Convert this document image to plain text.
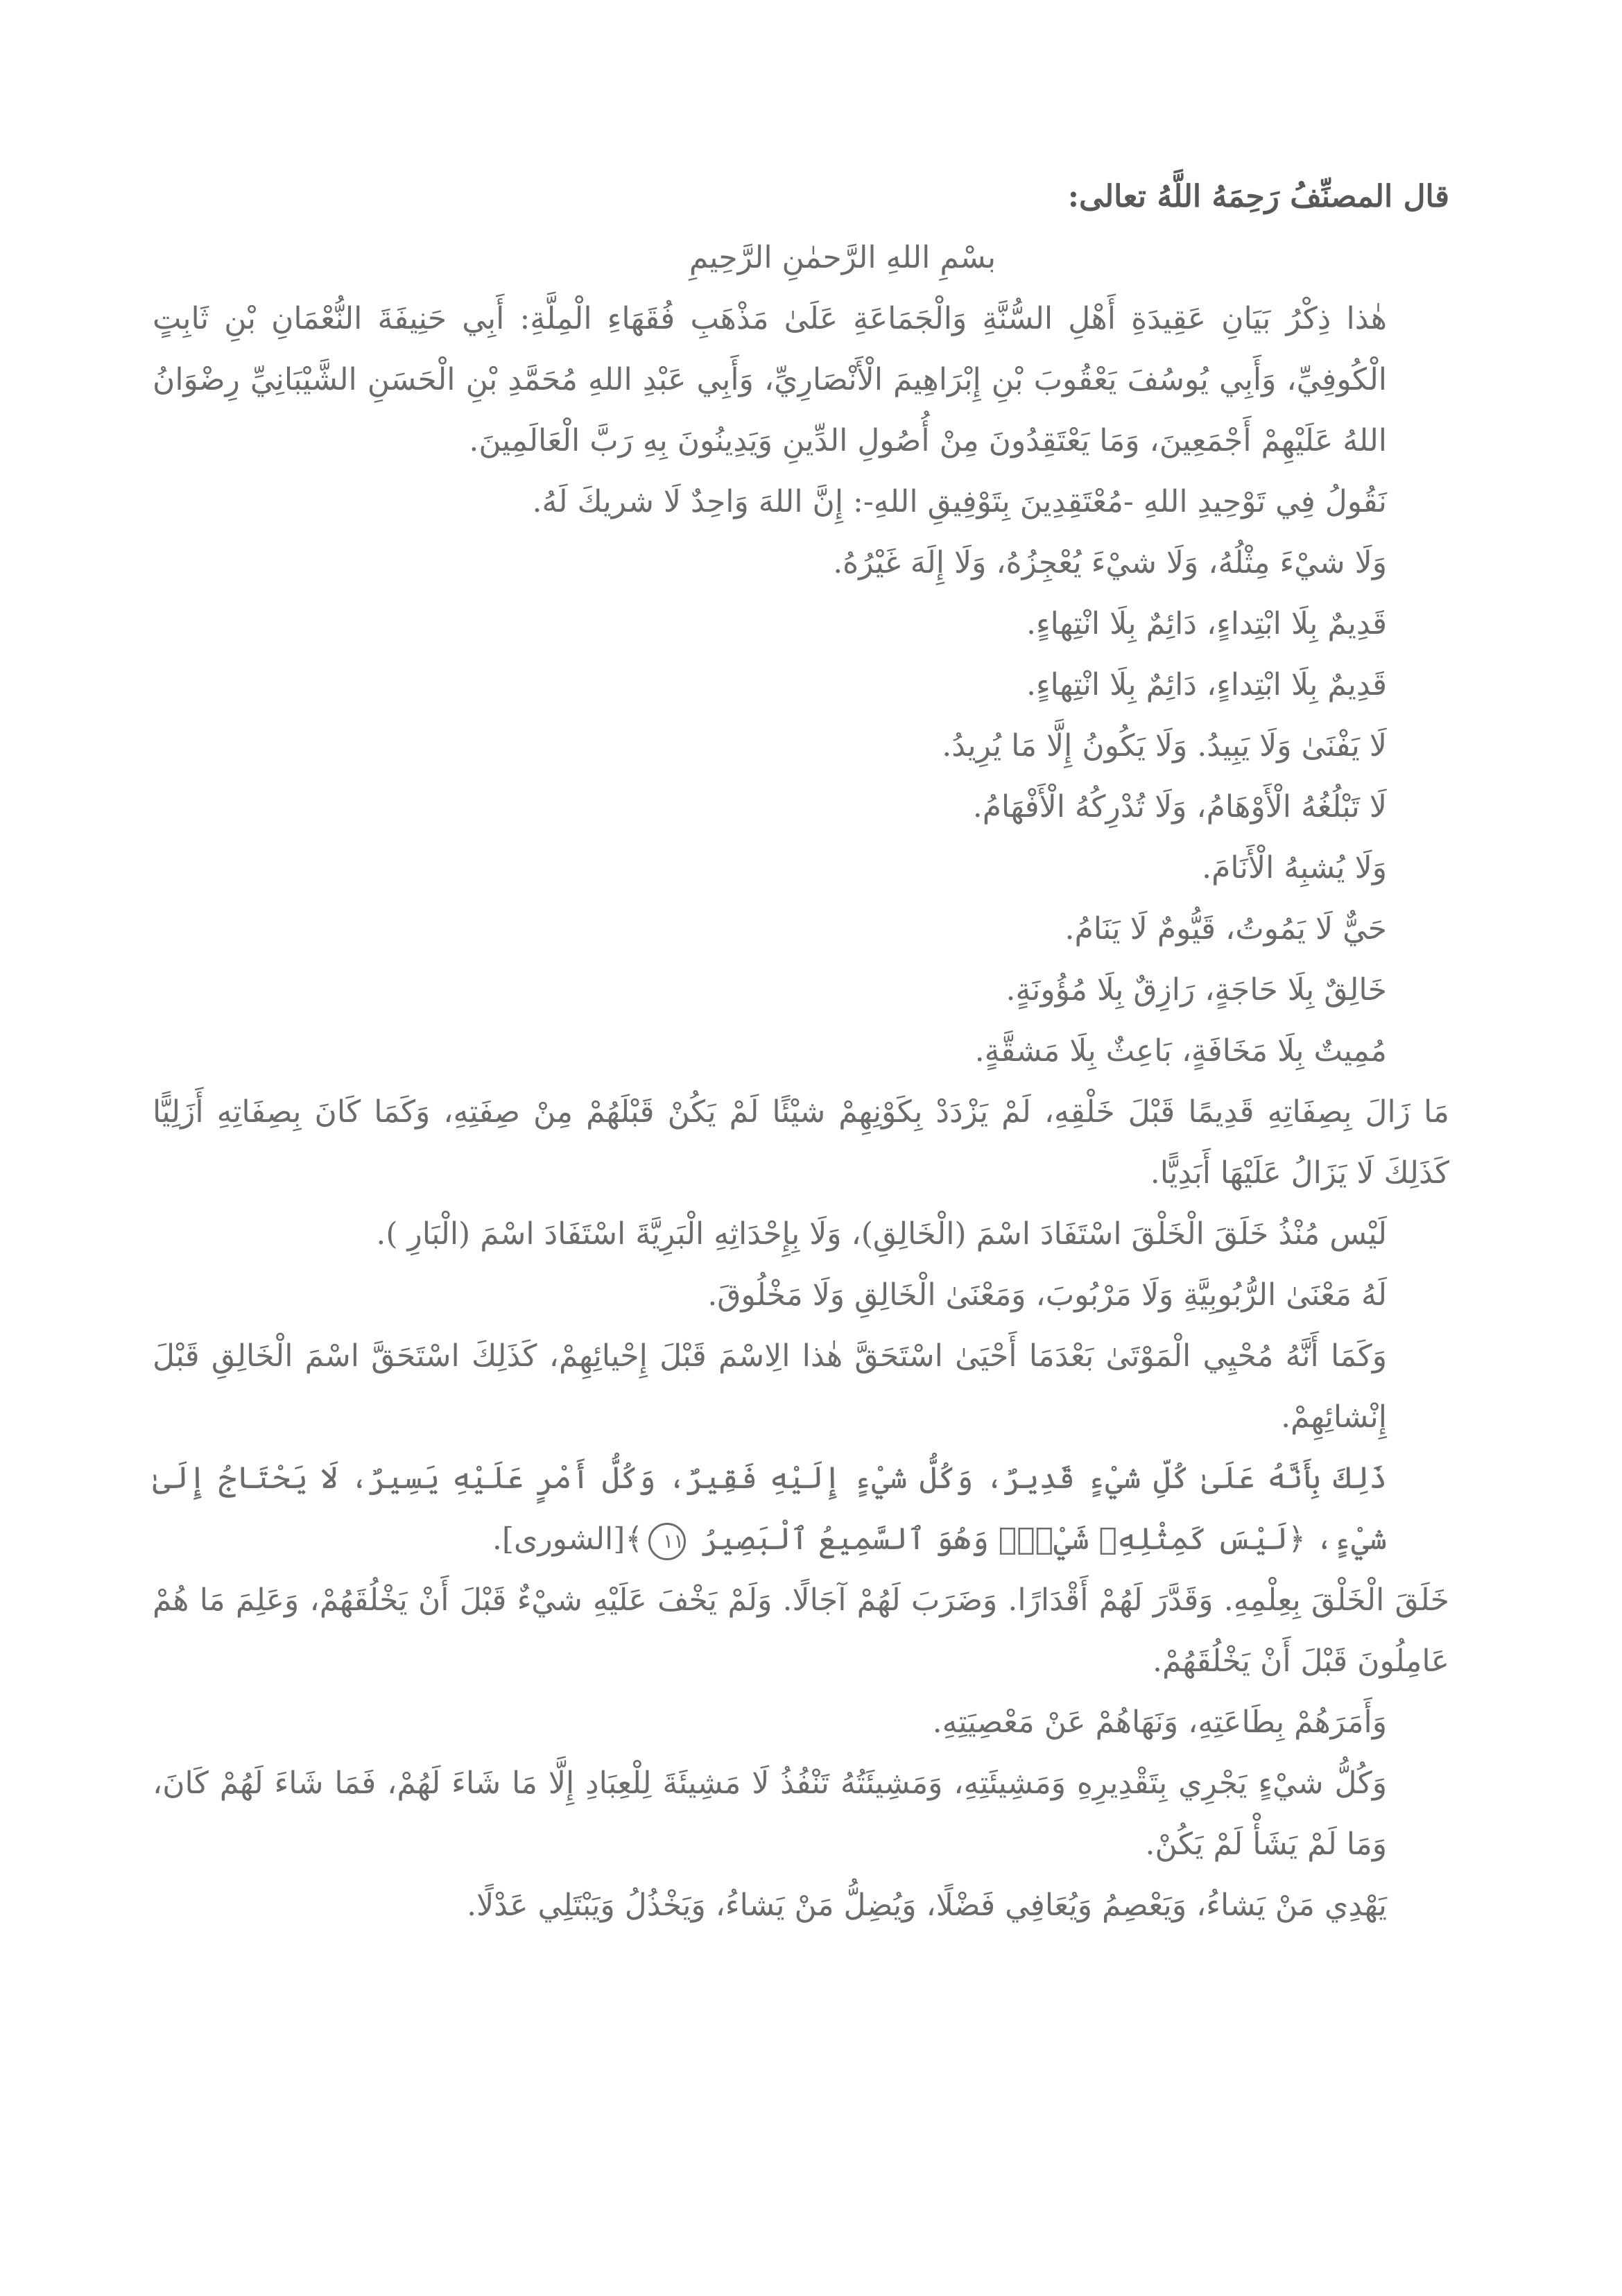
قال المصنِّفُ رَحِمَهُ اللَّهُ تعالى:

بسْمِ اللهِ الرَّحمٰنِ الرَّحِيمِ

هٰذا ذِكْرُ بَيَانِ عَقِيدَةِ أَهْلِ السُّنَّةِ وَالْجَمَاعَةِ عَلَىٰ مَذْهَبِ فُقَهَاءِ الْمِلَّةِ: أَبِي حَنِيفَةَ النُّعْمَانِ بْنِ ثَابِتٍ الْكُوفِيِّ، وَأَبِي يُوسُفَ يَعْقُوبَ بْنِ إِبْرَاهِيمَ الْأَنْصَارِيِّ، وَأَبِي عَبْدِ اللهِ مُحَمَّدِ بْنِ الْحَسَنِ الشَّيْبَانِيِّ رِضْوَانُ اللهُ عَلَيْهِمْ أَجْمَعِينَ، وَمَا يَعْتَقِدُونَ مِنْ أُصُولِ الدِّينِ وَيَدِينُونَ بِهِ رَبَّ الْعَالَمِينَ.

نَقُولُ فِي تَوْحِيدِ اللهِ -مُعْتَقِدِينَ بِتَوْفِيقِ اللهِ-: إِنَّ اللهَ وَاحِدٌ لَا شريكَ لَهُ.

وَلَا شيْءَ مِثْلُهُ، وَلَا شيْءَ يُعْجِزُهُ، وَلَا إِلَهَ غَيْرُهُ.

قَدِيمٌ بِلَا ابْتِداءٍ، دَائِمٌ بِلَا انْتِهاءٍ.

قَدِيمٌ بِلَا ابْتِداءٍ، دَائِمٌ بِلَا انْتِهاءٍ.

لَا يَفْنَىٰ وَلَا يَبِيدُ. وَلَا يَكُونُ إِلَّا مَا يُرِيدُ.

لَا تَبْلُغُهُ الْأَوْهَامُ، وَلَا تُدْرِكُهُ الْأَفْهَامُ.

وَلَا يُشبِهُ الْأَنَامَ.

حَيٌّ لَا يَمُوتُ، قَيُّومٌ لَا يَنَامُ.

خَالِقٌ بِلَا حَاجَةٍ، رَازِقٌ بِلَا مُؤُونَةٍ.

مُمِيتٌ بِلَا مَخَافَةٍ، بَاعِثٌ بِلَا مَشقَّةٍ.

مَا زَالَ بِصِفَاتِهِ قَدِيمًا قَبْلَ خَلْقِهِ، لَمْ يَزْدَدْ بِكَوْنِهِمْ شيْئًا لَمْ يَكُنْ قَبْلَهُمْ مِنْ صِفَتِهِ، وَكَمَا كَانَ بِصِفَاتِهِ أَزَلِيًّا كَذَلِكَ لَا يَزَالُ عَلَيْهَا أَبَدِيًّا.

لَيْس مُنْذُ خَلَقَ الْخَلْقَ اسْتَفَادَ اسْمَ (الْخَالِقِ)، وَلَا بِإِحْدَاثِهِ الْبَرِيَّةَ اسْتَفَادَ اسْمَ (الْبَارِ ).

لَهُ مَعْنَىٰ الرُّبُوبِيَّةِ وَلَا مَرْبُوبَ، وَمَعْنَىٰ الْخَالِقِ وَلَا مَخْلُوقَ.

وَكَمَا أَنَّهُ مُحْيِي الْمَوْتَىٰ بَعْدَمَا أَحْيَىٰ اسْتَحَقَّ هٰذا الِاسْمَ قَبْلَ إِحْيائِهِمْ، كَذَلِكَ اسْتَحَقَّ اسْمَ الْخَالِقِ قَبْلَ إِنْشائِهِمْ.

ذَلِكَ بِأَنَّهُ عَلَىٰ كُلِّ شيْءٍ قَدِيرٌ، وَكُلُّ شيْءٍ إِلَيْهِ فَقِيرٌ، وَكُلُّ أَمْرٍ عَلَيْهِ يَسِيرٌ، لَا يَحْتَاجُ إِلَىٰ شيْءٍ، ﴿لَيْسَ كَمِثْلِهِۦ شَيْءٌۖ وَهُوَ ٱلسَّمِيعُ ٱلْبَصِيرُ ١١﴾[الشورى].

خَلَقَ الْخَلْقَ بِعِلْمِهِ. وَقَدَّرَ لَهُمْ أَقْدَارًا. وَضَرَبَ لَهُمْ آجَالًا. وَلَمْ يَخْفَ عَلَيْهِ شيْءٌ قَبْلَ أَنْ يَخْلُقَهُمْ، وَعَلِمَ مَا هُمْ عَامِلُونَ قَبْلَ أَنْ يَخْلُقَهُمْ.

وَأَمَرَهُمْ بِطَاعَتِهِ، وَنَهَاهُمْ عَنْ مَعْصِيَتِهِ.

وَكُلُّ شيْءٍ يَجْرِي بِتَقْدِيرِهِ وَمَشِيئَتِهِ، وَمَشِيئَتُهُ تَنْفُذُ لَا مَشِيئَةَ لِلْعِبَادِ إِلَّا مَا شَاءَ لَهُمْ، فَمَا شَاءَ لَهُمْ كَانَ، وَمَا لَمْ يَشَأْ لَمْ يَكُنْ.

يَهْدِي مَنْ يَشاءُ، وَيَعْصِمُ وَيُعَافِي فَضْلًا، وَيُضِلُّ مَنْ يَشاءُ، وَيَخْذُلُ وَيَبْتَلِي عَدْلًا.
